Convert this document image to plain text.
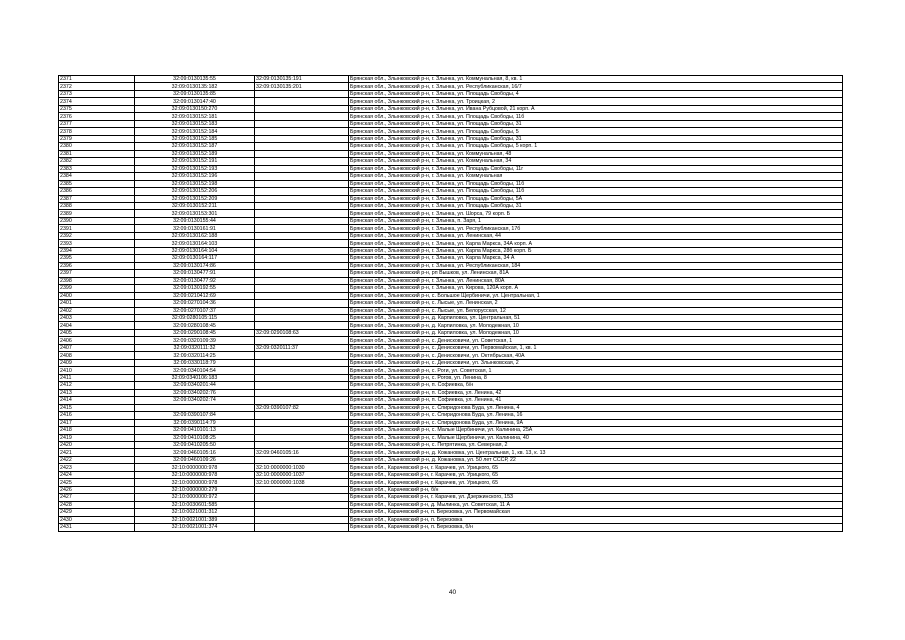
2371	32:09:0130135:55	32:09:0130135:191	Брянская обл., Злынковский р-н, г. Злынка, ул. Коммунальная, 8, кв. 1
2372	32:09:0130135:182	32:09:0130135:201	Брянская обл., Злынковский р-н, г. Злынка, ул. Республиканская, 16/7
2373	32:09:0130135:85		Брянская обл., Злынковский р-н, г. Злынка, ул. Площадь Свободы, 4
2374	32:09:0130147:40		Брянская обл., Злынковский р-н, г. Злынка, ул. Троицкая, 2
2375	32:09:0130150:270		Брянская обл., Злынковский р-н, г. Злынка, ул. Ивана Рубцовой, 21 корп. А
2376	32:09:0130152:181		Брянская обл., Злынковский р-н, г. Злынка, ул. Площадь Свободы, 11б
2377	32:09:0130152:183		Брянская обл., Злынковский р-н, г. Злынка, ул. Площадь Свободы, 31
2378	32:09:0130152:184		Брянская обл., Злынковский р-н, г. Злынка, ул. Площадь Свободы, 5
2379	32:09:0130152:185		Брянская обл., Злынковский р-н, г. Злынка, ул. Площадь Свободы, 31
2380	32:09:0130152:187		Брянская обл., Злынковский р-н, г. Злынка, ул. Площадь Свободы, 5 корп. 1
2381	32:09:0130152:189		Брянская обл., Злынковский р-н, г. Злынка, ул. Коммунальная, 48
2382	32:09:0130152:191		Брянская обл., Злынковский р-н, г. Злынка, ул. Коммунальная, 34
2383	32:09:0130152:193		Брянская обл., Злынковский р-н, г. Злынка, ул. Площадь Свободы, 11г
2384	32:09:0130152:196		Брянская обл., Злынковский р-н, г. Злынка, ул. Коммунальная
2385	32:09:0130152:198		Брянская обл., Злынковский р-н, г. Злынка, ул. Площадь Свободы, 11б
2386	32:09:0130152:206		Брянская обл., Злынковский р-н, г. Злынка, ул. Площадь Свободы, 11б
2387	32:09:0130152:209		Брянская обл., Злынковский р-н, г. Злынка, ул. Площадь Свободы, 5А
2388	32:09:0130152:211		Брянская обл., Злынковский р-н, г. Злынка, ул. Площадь Свободы, 31
2389	32:09:0130153:301		Брянская обл., Злынковский р-н, г. Злынка, ул. Шорса, 79 корп. Б
2390	32:09:0130155:44		Брянская обл., Злынковский р-н, г. Злынка, п. Заря, 1
2391	32:09:0130161:91		Брянская обл., Злынковский р-н, г. Злынка, ул. Республиканская, 17б
2392	32:09:0130162:188		Брянская обл., Злынковский р-н, г. Злынка, ул. Ленинская, 44
2393	32:09:0130164:103		Брянская обл., Злынковский р-н, г. Злынка, ул. Карла Маркса, 34А корп. А
2394	32:09:0130164:104		Брянская обл., Злынковский р-н, г. Злынка, ул. Карла Маркса, 28б корп. Б
2395	32:09:0130164:117		Брянская обл., Злынковский р-н, г. Злынка, ул. Карла Маркса, 34 А
2396	32:09:0130174:86		Брянская обл., Злынковский р-н, г. Злынка, ул. Республиканская, 184
2397	32:09:0130477:91		Брянская обл., Злынковский р-н, рп Вышков, ул. Ленинская, 81А
2398	32:09:0130477:92		Брянская обл., Злынковский р-н, г. Злынка, ул. Ленинская, 80А
2399	32:09:0130192:55		Брянская обл., Злынковский р-н, г. Злынка, ул. Кирова, 120А корп. А
2400	32:09:0210412:69		Брянская обл., Злынковский р-н, с. Большое Щербиничи, ул. Центральная, 1
2401	32:09:0270104:36		Брянская обл., Злынковский р-н, с. Лысые, ул. Ленинская, 2
2402	32:09:0270107:37		Брянская обл., Злынковский р-н, с. Лысые, ул. Белорусская, 12
2403	32:09:0280105:115		Брянская обл., Злынковский р-н, д. Карпиловка, ул. Центральная, 51
2404	32:09:0280108:45		Брянская обл., Злынковский р-н, д. Карпиловка, ул. Молодежная, 10
2405	32:09:0290108:45	32:09:0290108:63	Брянская обл., Злынковский р-н, д. Карпиловка, ул. Молодежная, 10
2406	32:09:0320109:39		Брянская обл., Злынковский р-н, с. Денисковичи, ул. Советская, 1
2407	32:09:0320111:32	32:09:0320111:37	Брянская обл., Злынковский р-н, с. Денисковичи, ул. Первомайская, 1, кв. 1
2408	32:09:0320114:25		Брянская обл., Злынковский р-н, с. Денисковичи, ул. Октябрьская, 40А
2409	32:09:0330118:79		Брянская обл., Злынковский р-н, с. Денисковичи, ул. Злынковская, 2
2410	32:09:0340104:54		Брянская обл., Злынковский р-н, с. Роги, ул. Советская, 1
2411	32:09:0340106:183		Брянская обл., Злынковский р-н, с. Рогов, ул. Ленина, 8
2412	32:09:0340201:44		Брянская обл., Злынковский р-н, п. Софиевка, б/н
2413	32:09:0340202:76		Брянская обл., Злынковский р-н, п. Софиевка, ул. Ленина, 42
2414	32:09:0340202:74		Брянская обл., Злынковский р-н, п. Софиевка, ул. Ленина, 41
2415		32:09:0390107:82	Брянская обл., Злынковский р-н, с. Спиридонова Буда, ул. Ленина, 4
2416	32:09:0390107:84		Брянская обл., Злынковский р-н, с. Спиридонова Буда, ул. Ленина, 16
2417	32:09:0390114:79		Брянская обл., Злынковский р-н, с. Спиридонова Буда, ул. Ленина, 9А
2418	32:09:0410101:13		Брянская обл., Злынковский р-н, с. Малые Щербиничи, ул. Калинина, 25А
2419	32:09:0410108:25		Брянская обл., Злынковский р-н, с. Малые Щербиничи, ул. Калинина, 40
2420	32:09:0410205:50		Брянская обл., Злынковский р-н, с. Петрятинка, ул. Северная, 2
2421	32:09:0460105:16	32:09:0460105:16	Брянская обл., Злынковский р-н, д. Кожановка, ул. Центральная, 1, кв. 13, к. 13
2422	32:09:0460109:26		Брянская обл., Злынковский р-н, д. Кожановка, ул. 50 лет СССР, 22
2423	32:10:0000000:978	32:10:0000000:1030	Брянская обл., Карачевский р-н, г. Карачев, ул. Урицкого, 65
2424	32:10:0000000:978	32:10:0000000:1037	Брянская обл., Карачевский р-н, г. Карачев, ул. Урицкого, 65
2425	32:10:0000000:978	32:10:0000000:1038	Брянская обл., Карачевский р-н, г. Карачев, ул. Урицкого, 65
2426	32:10:0000000:279		Брянская обл., Карачевский р-н, б/н
2427	32:10:0000000:972		Брянская обл., Карачевский р-н, г. Карачев, ул. Дзержинского, 153
2428	32:10:0030601:585		Брянская обл., Карачевский р-н, д. Мылинка, ул. Советская, 11 А
2429	32:10:0021001:312		Брянская обл., Карачевский р-н, п. Березовка, ул. Первомайская
2430	32:10:0021001:389		Брянская обл., Карачевский р-н, п. Березовка
2431	32:10:0021001:374		Брянская обл., Карачевский р-н, п. Березовка, б/н
40
